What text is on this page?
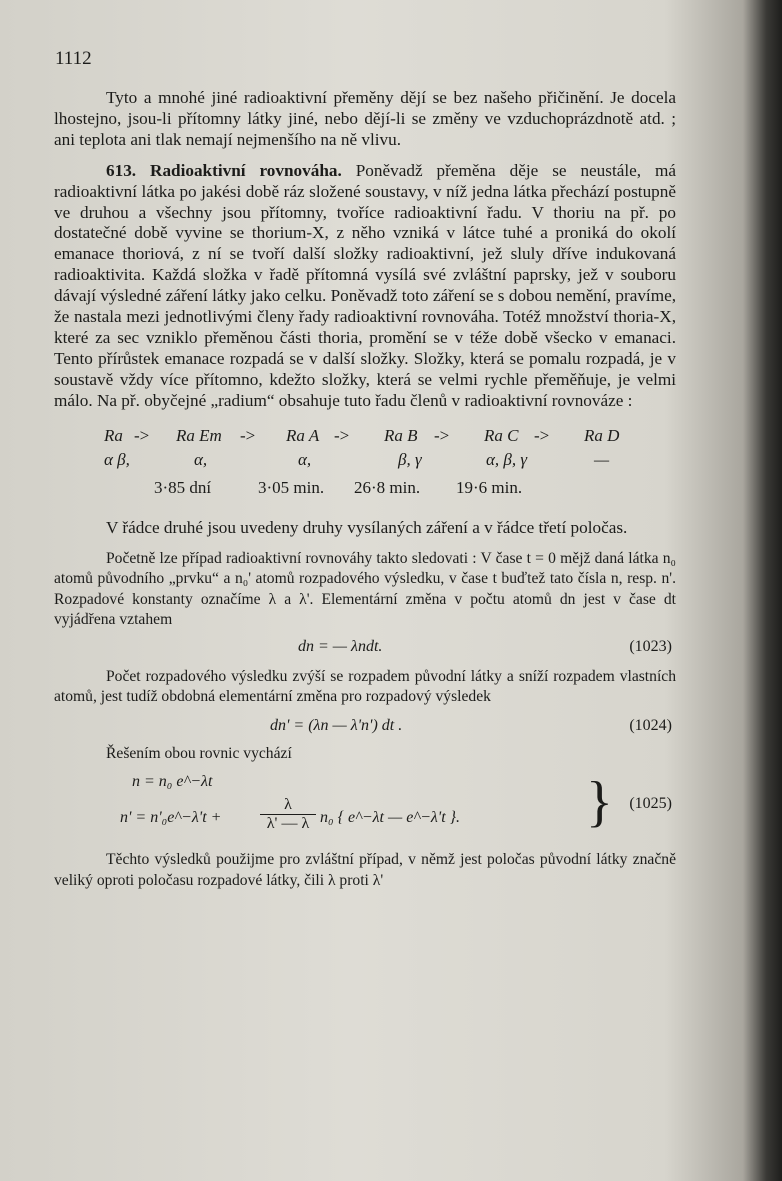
1112

Tyto a mnohé jiné radioaktivní přeměny dějí se bez našeho přičinění. Je docela lhostejno, jsou-li přítomny látky jiné, nebo dějí-li se změny ve vzduchoprázdnotě atd. ; ani teplota ani tlak nemají nejmenšího na ně vlivu.

613. Radioaktivní rovnováha. Poněvadž přeměna děje se neustále, má radioaktivní látka po jakési době ráz složené soustavy, v níž jedna látka přechází postupně ve druhou a všechny jsou přítomny, tvoříce radioaktivní řadu. V thoriu na př. po dostatečné době vyvine se thorium-X, z něho vzniká v látce tuhé a proniká do okolí emanace thoriová, z ní se tvoří další složky radioaktivní, jež sluly dříve indukovaná radioaktivita. Každá složka v řadě přítomná vysílá své zvláštní paprsky, jež v souboru dávají výsledné záření látky jako celku. Poněvadž toto záření se s dobou nemění, pravíme, že nastala mezi jednotlivými členy řady radioaktivní rovnováha. Totéž množství thoria-X, které za sec vzniklo přeměnou části thoria, promění se v téže době všecko v emanaci. Tento přírůstek emanace rozpadá se v další složky. Složky, která se pomalu rozpadá, je v soustavě vždy více přítomno, kdežto složky, která se velmi rychle přeměňuje, je velmi málo. Na př. obyčejné „radium“ obsahuje tuto řadu členů v radioaktivní rovnováze :

Ra -> Ra Em -> Ra A -> Ra B -> Ra C -> Ra D
α β,	α,	α,	β, γ	α, β, γ	—
3·85 dní	3·05 min. 26·8 min. 19·6 min.

V řádce druhé jsou uvedeny druhy vysílaných záření a v řádce třetí poločas.

Početně lze případ radioaktivní rovnováhy takto sledovati : V čase t = 0 mějž daná látka n₀ atomů původního „prvku“ a n₀' atomů rozpadového výsledku, v čase t buďtež tato čísla n, resp. n'. Rozpadové konstanty označíme λ a λ'. Elementární změna v počtu atomů dn jest v čase dt vyjádřena vztahem

dn = — λndt.	(1023)

Počet rozpadového výsledku zvýší se rozpadem původní látky a sníží rozpadem vlastních atomů, jest tudíž obdobná elementární změna pro rozpadový výsledek

dn' = (λn — λ'n') dt .	(1024)

Řešením obou rovnic vychází

n = n₀ e^−λt
n' = n'₀e^−λ't + $\frac{\lambda}{\lambda' — \lambda} n_0$ { e^−λt — e^−λ't }. } (1025)

Těchto výsledků použijme pro zvláštní případ, v němž jest poločas původní látky značně veliký oproti poločasu rozpadové látky, čili λ proti λ'
